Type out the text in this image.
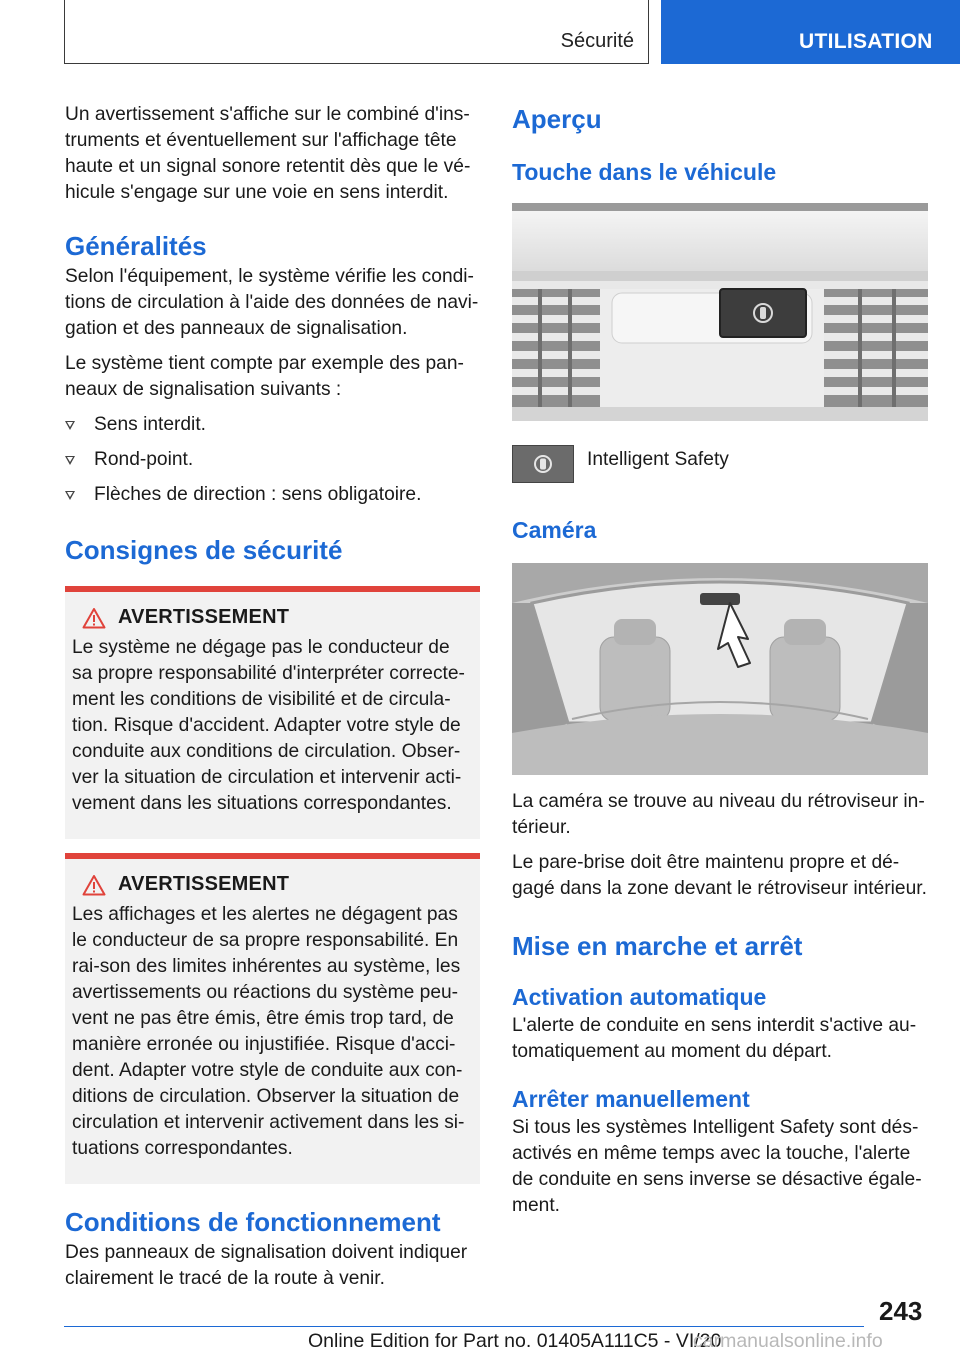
Sécurité	UTILISATION

Un avertissement s'affiche sur le combiné d'ins-truments et éventuellement sur l'affichage tête haute et un signal sonore retentit dès que le vé-hicule s'engage sur une voie en sens interdit.

Généralités

Selon l'équipement, le système vérifie les condi-tions de circulation à l'aide des données de navi-gation et des panneaux de signalisation.

Le système tient compte par exemple des pan-neaux de signalisation suivants :

Sens interdit.
Rond-point.
Flèches de direction : sens obligatoire.
Consignes de sécurité
AVERTISSEMENT

Le système ne dégage pas le conducteur de sa propre responsabilité d'interpréter correcte-ment les conditions de visibilité et de circula-tion. Risque d'accident. Adapter votre style de conduite aux conditions de circulation. Obser-ver la situation de circulation et intervenir acti-vement dans les situations correspondantes.

AVERTISSEMENT

Les affichages et les alertes ne dégagent pas le conducteur de sa propre responsabilité. En rai-son des limites inhérentes au système, les avertissements ou réactions du système peu-vent ne pas être émis, être émis trop tard, de manière erronée ou injustifiée. Risque d'acci-dent. Adapter votre style de conduite aux con-ditions de circulation. Observer la situation de circulation et intervenir activement dans les si-tuations correspondantes.

Conditions de fonctionnement

Des panneaux de signalisation doivent indiquer clairement le tracé de la route à venir.

Aperçu
Touche dans le véhicule
Intelligent Safety
Caméra

La caméra se trouve au niveau du rétroviseur in-térieur.

Le pare-brise doit être maintenu propre et dé-gagé dans la zone devant le rétroviseur intérieur.

Mise en marche et arrêt
Activation automatique

L'alerte de conduite en sens interdit s'active au-tomatiquement au moment du départ.

Arrêter manuellement

Si tous les systèmes Intelligent Safety sont dés-activés en même temps avec la touche, l'alerte de conduite en sens inverse se désactive égale-ment.

243
Online Edition for Part no. 01405A111C5 - VI/20
carmanualsonline.info
